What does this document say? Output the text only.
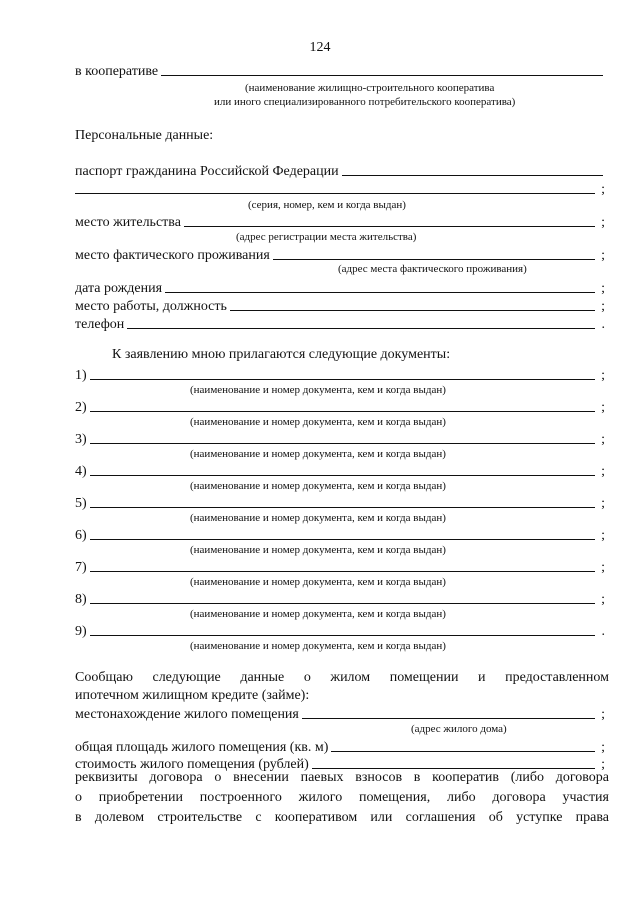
124
в кооперативе
(наименование жилищно-строительного кооператива
или иного специализированного потребительского кооператива)
Персональные данные:
паспорт гражданина Российской Федерации
;
(серия, номер, кем и когда выдан)
место жительства	;
(адрес регистрации места жительства)
место фактического проживания	;
(адрес места фактического проживания)
дата рождения	;
место работы, должность	;
телефон	.
К заявлению мною прилагаются следующие документы:
1)	;
(наименование и номер документа, кем и когда выдан)
2)	;
(наименование и номер документа, кем и когда выдан)
3)	;
(наименование и номер документа, кем и когда выдан)
4)	;
(наименование и номер документа, кем и когда выдан)
5)	;
(наименование и номер документа, кем и когда выдан)
6)	;
(наименование и номер документа, кем и когда выдан)
7)	;
(наименование и номер документа, кем и когда выдан)
8)	;
(наименование и номер документа, кем и когда выдан)
9)	.
(наименование и номер документа, кем и когда выдан)
Сообщаю следующие данные о жилом помещении и предоставленном
ипотечном жилищном кредите (займе):
местонахождение жилого помещения	;
(адрес жилого дома)
общая площадь жилого помещения (кв. м)	;
стоимость жилого помещения (рублей)	;
реквизиты договора о внесении паевых взносов в кооператив (либо договора
о приобретении построенного жилого помещения, либо договора участия
в долевом строительстве с кооперативом или соглашения об уступке права
